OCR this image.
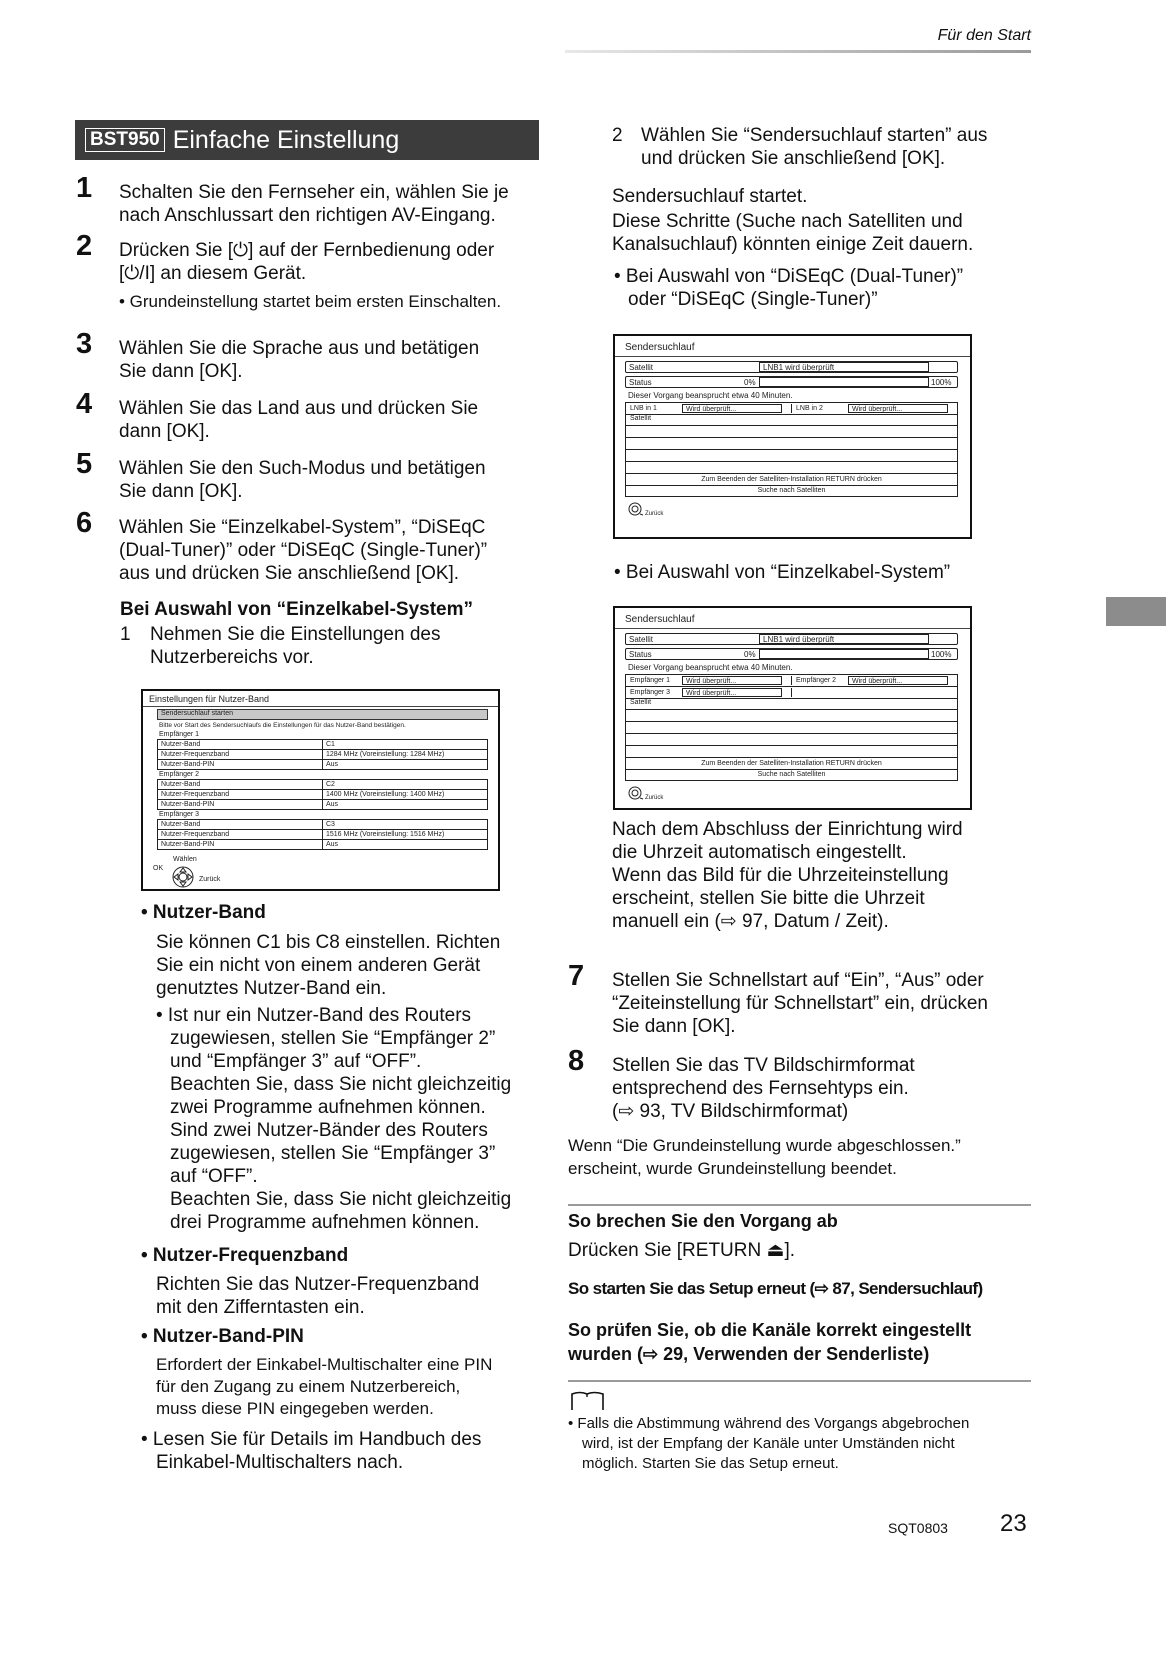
Für den Start
BST950 Einfache Einstellung
1 Schalten Sie den Fernseher ein, wählen Sie je
nach Anschlussart den richtigen AV-Eingang.
2 Drücken Sie [⏻] auf der Fernbedienung oder
[⏻/I] an diesem Gerät.
• Grundeinstellung startet beim ersten Einschalten.
3 Wählen Sie die Sprache aus und betätigen
Sie dann [OK].
4 Wählen Sie das Land aus und drücken Sie
dann [OK].
5 Wählen Sie den Such-Modus und betätigen
Sie dann [OK].
6 Wählen Sie “Einzelkabel-System”, “DiSEqC
(Dual-Tuner)” oder “DiSEqC (Single-Tuner)”
aus und drücken Sie anschließend [OK].
Bei Auswahl von “Einzelkabel-System”
1 Nehmen Sie die Einstellungen des
Nutzerbereichs vor.
Einstellungen für Nutzer-Band
Sendersuchlauf starten
Bitte vor Start des Sendersuchlaufs die Einstellungen für das Nutzer-Band bestätigen.
Empfänger 1
Nutzer-Band	C1
Nutzer-Frequenzband	1284 MHz (Voreinstellung: 1284 MHz)
Nutzer-Band-PIN	Aus
Empfänger 2
Nutzer-Band	C2
Nutzer-Frequenzband	1400 MHz (Voreinstellung: 1400 MHz)
Nutzer-Band-PIN	Aus
Empfänger 3
Nutzer-Band	C3
Nutzer-Frequenzband	1516 MHz (Voreinstellung: 1516 MHz)
Nutzer-Band-PIN	Aus
Wählen
OK
Zurück
• Nutzer-Band
Sie können C1 bis C8 einstellen. Richten
Sie ein nicht von einem anderen Gerät
genutztes Nutzer-Band ein.
• Ist nur ein Nutzer-Band des Routers
zugewiesen, stellen Sie “Empfänger 2”
und “Empfänger 3” auf “OFF”.
Beachten Sie, dass Sie nicht gleichzeitig
zwei Programme aufnehmen können.
Sind zwei Nutzer-Bänder des Routers
zugewiesen, stellen Sie “Empfänger 3”
auf “OFF”.
Beachten Sie, dass Sie nicht gleichzeitig
drei Programme aufnehmen können.
• Nutzer-Frequenzband
Richten Sie das Nutzer-Frequenzband
mit den Zifferntasten ein.
• Nutzer-Band-PIN
Erfordert der Einkabel-Multischalter eine PIN
für den Zugang zu einem Nutzerbereich,
muss diese PIN eingegeben werden.
• Lesen Sie für Details im Handbuch des
Einkabel-Multischalters nach.
2 Wählen Sie “Sendersuchlauf starten” aus
und drücken Sie anschließend [OK].
Sendersuchlauf startet.
Diese Schritte (Suche nach Satelliten und
Kanalsuchlauf) könnten einige Zeit dauern.
• Bei Auswahl von “DiSEqC (Dual-Tuner)”
oder “DiSEqC (Single-Tuner)”
Sendersuchlauf
Satellit	LNB1 wird überprüft
Status	0%	100%
Dieser Vorgang beansprucht etwa 40 Minuten.
LNB in 1	Wird überprüft...	LNB in 2	Wird überprüft...
Satellit
Zum Beenden der Satelliten-Installation RETURN drücken
Suche nach Satelliten
Zurück
• Bei Auswahl von “Einzelkabel-System”
Sendersuchlauf
Satellit	LNB1 wird überprüft
Status	0%	100%
Dieser Vorgang beansprucht etwa 40 Minuten.
Empfänger 1	Wird überprüft...	Empfänger 2	Wird überprüft...
Empfänger 3	Wird überprüft...
Satellit
Zum Beenden der Satelliten-Installation RETURN drücken
Suche nach Satelliten
Zurück
Nach dem Abschluss der Einrichtung wird
die Uhrzeit automatisch eingestellt.
Wenn das Bild für die Uhrzeiteinstellung
erscheint, stellen Sie bitte die Uhrzeit
manuell ein (⇨ 97, Datum / Zeit).
7 Stellen Sie Schnellstart auf “Ein”, “Aus” oder
“Zeiteinstellung für Schnellstart” ein, drücken
Sie dann [OK].
8 Stellen Sie das TV Bildschirmformat
entsprechend des Fernsehtyps ein.
(⇨ 93, TV Bildschirmformat)
Wenn “Die Grundeinstellung wurde abgeschlossen.”
erscheint, wurde Grundeinstellung beendet.
So brechen Sie den Vorgang ab
Drücken Sie [RETURN ⏏].
So starten Sie das Setup erneut (⇨ 87, Sendersuchlauf)
So prüfen Sie, ob die Kanäle korrekt eingestellt
wurden (⇨ 29, Verwenden der Senderliste)
• Falls die Abstimmung während des Vorgangs abgebrochen
wird, ist der Empfang der Kanäle unter Umständen nicht
möglich. Starten Sie das Setup erneut.
SQT0803 23
